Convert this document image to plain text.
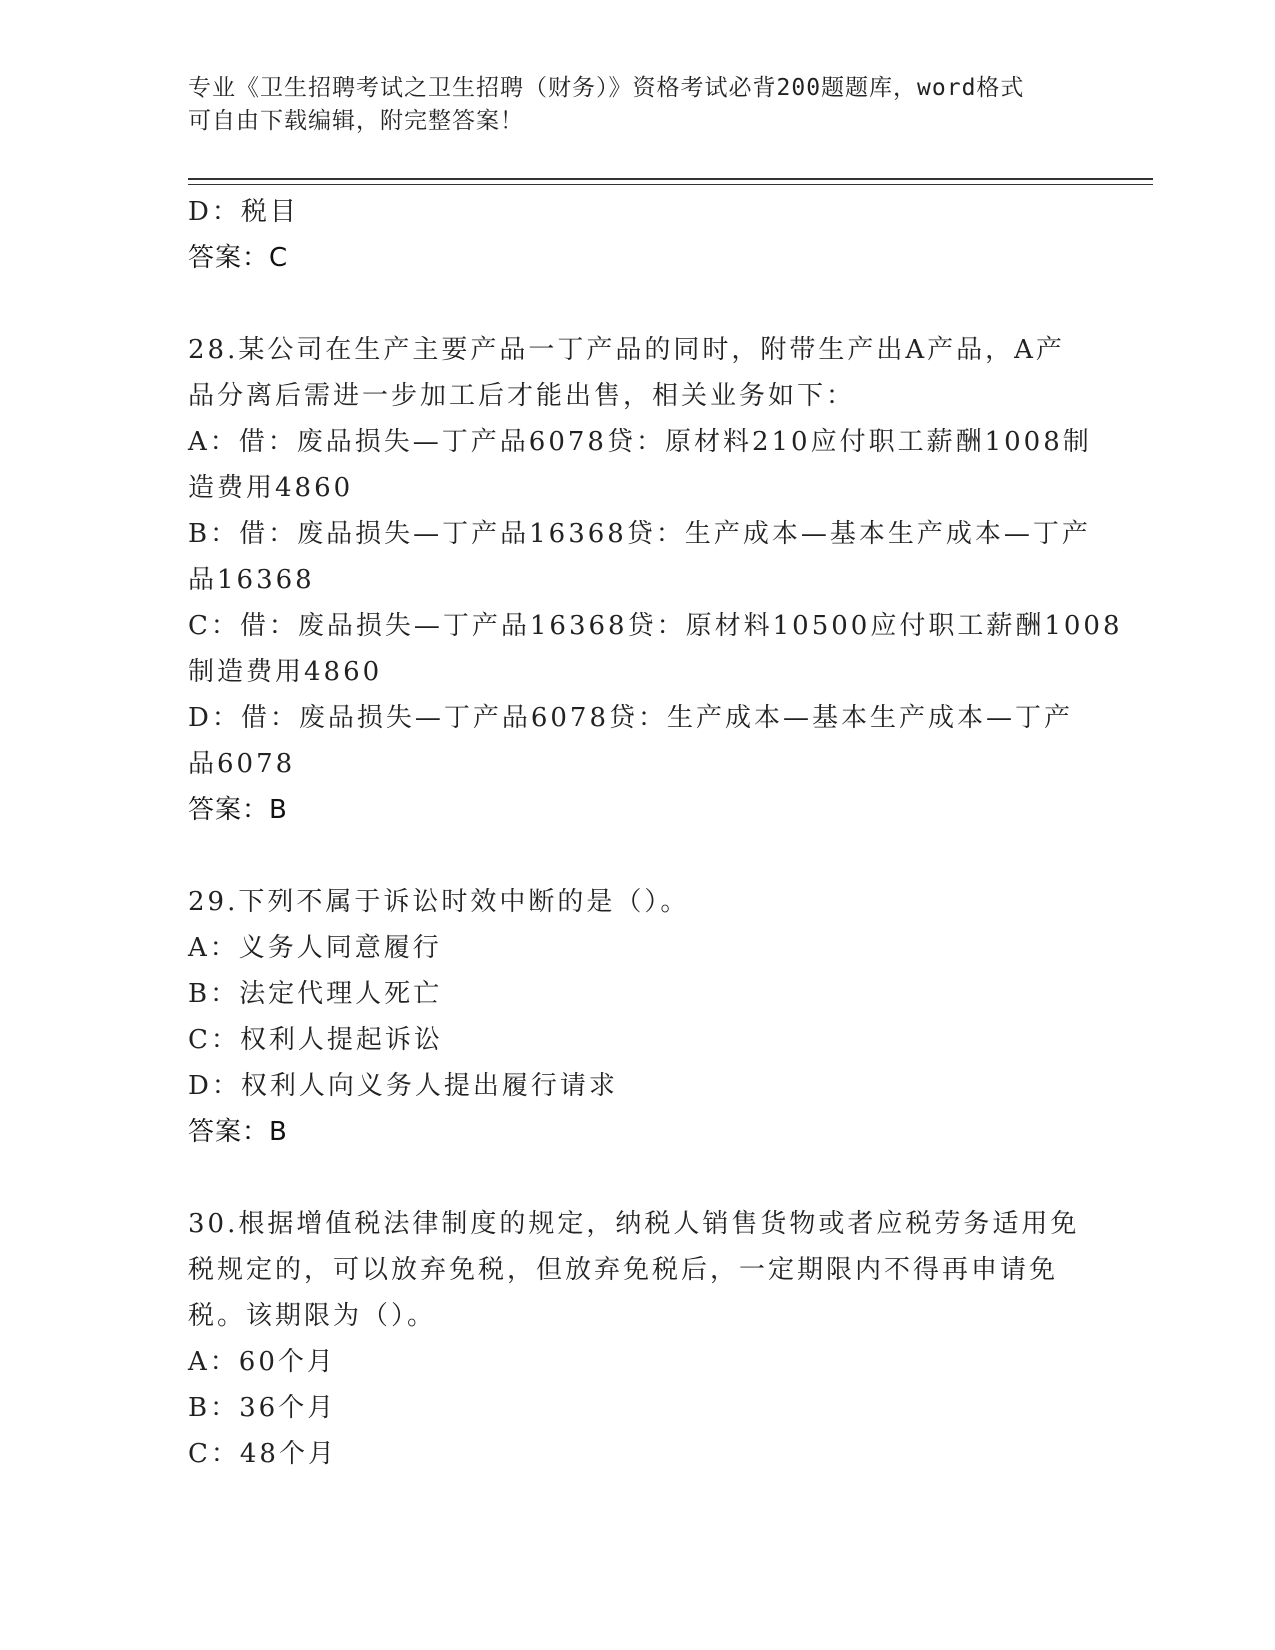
专业《卫生招聘考试之卫生招聘（财务）》资格考试必背200题题库，word格式
可自由下载编辑，附完整答案！
D：税目
答案：C
28.某公司在生产主要产品一丁产品的同时，附带生产出A产品，A产
品分离后需进一步加工后才能出售，相关业务如下：
A：借：废品损失—丁产品6078贷：原材料210应付职工薪酬1008制
造费用4860
B：借：废品损失—丁产品16368贷：生产成本—基本生产成本—丁产
品16368
C：借：废品损失—丁产品16368贷：原材料10500应付职工薪酬1008
制造费用4860
D：借：废品损失—丁产品6078贷：生产成本—基本生产成本—丁产
品6078
答案：B
29.下列不属于诉讼时效中断的是（）。
A：义务人同意履行
B：法定代理人死亡
C：权利人提起诉讼
D：权利人向义务人提出履行请求
答案：B
30.根据增值税法律制度的规定，纳税人销售货物或者应税劳务适用免
税规定的，可以放弃免税，但放弃免税后，一定期限内不得再申请免
税。该期限为（）。
A：60个月
B：36个月
C：48个月
